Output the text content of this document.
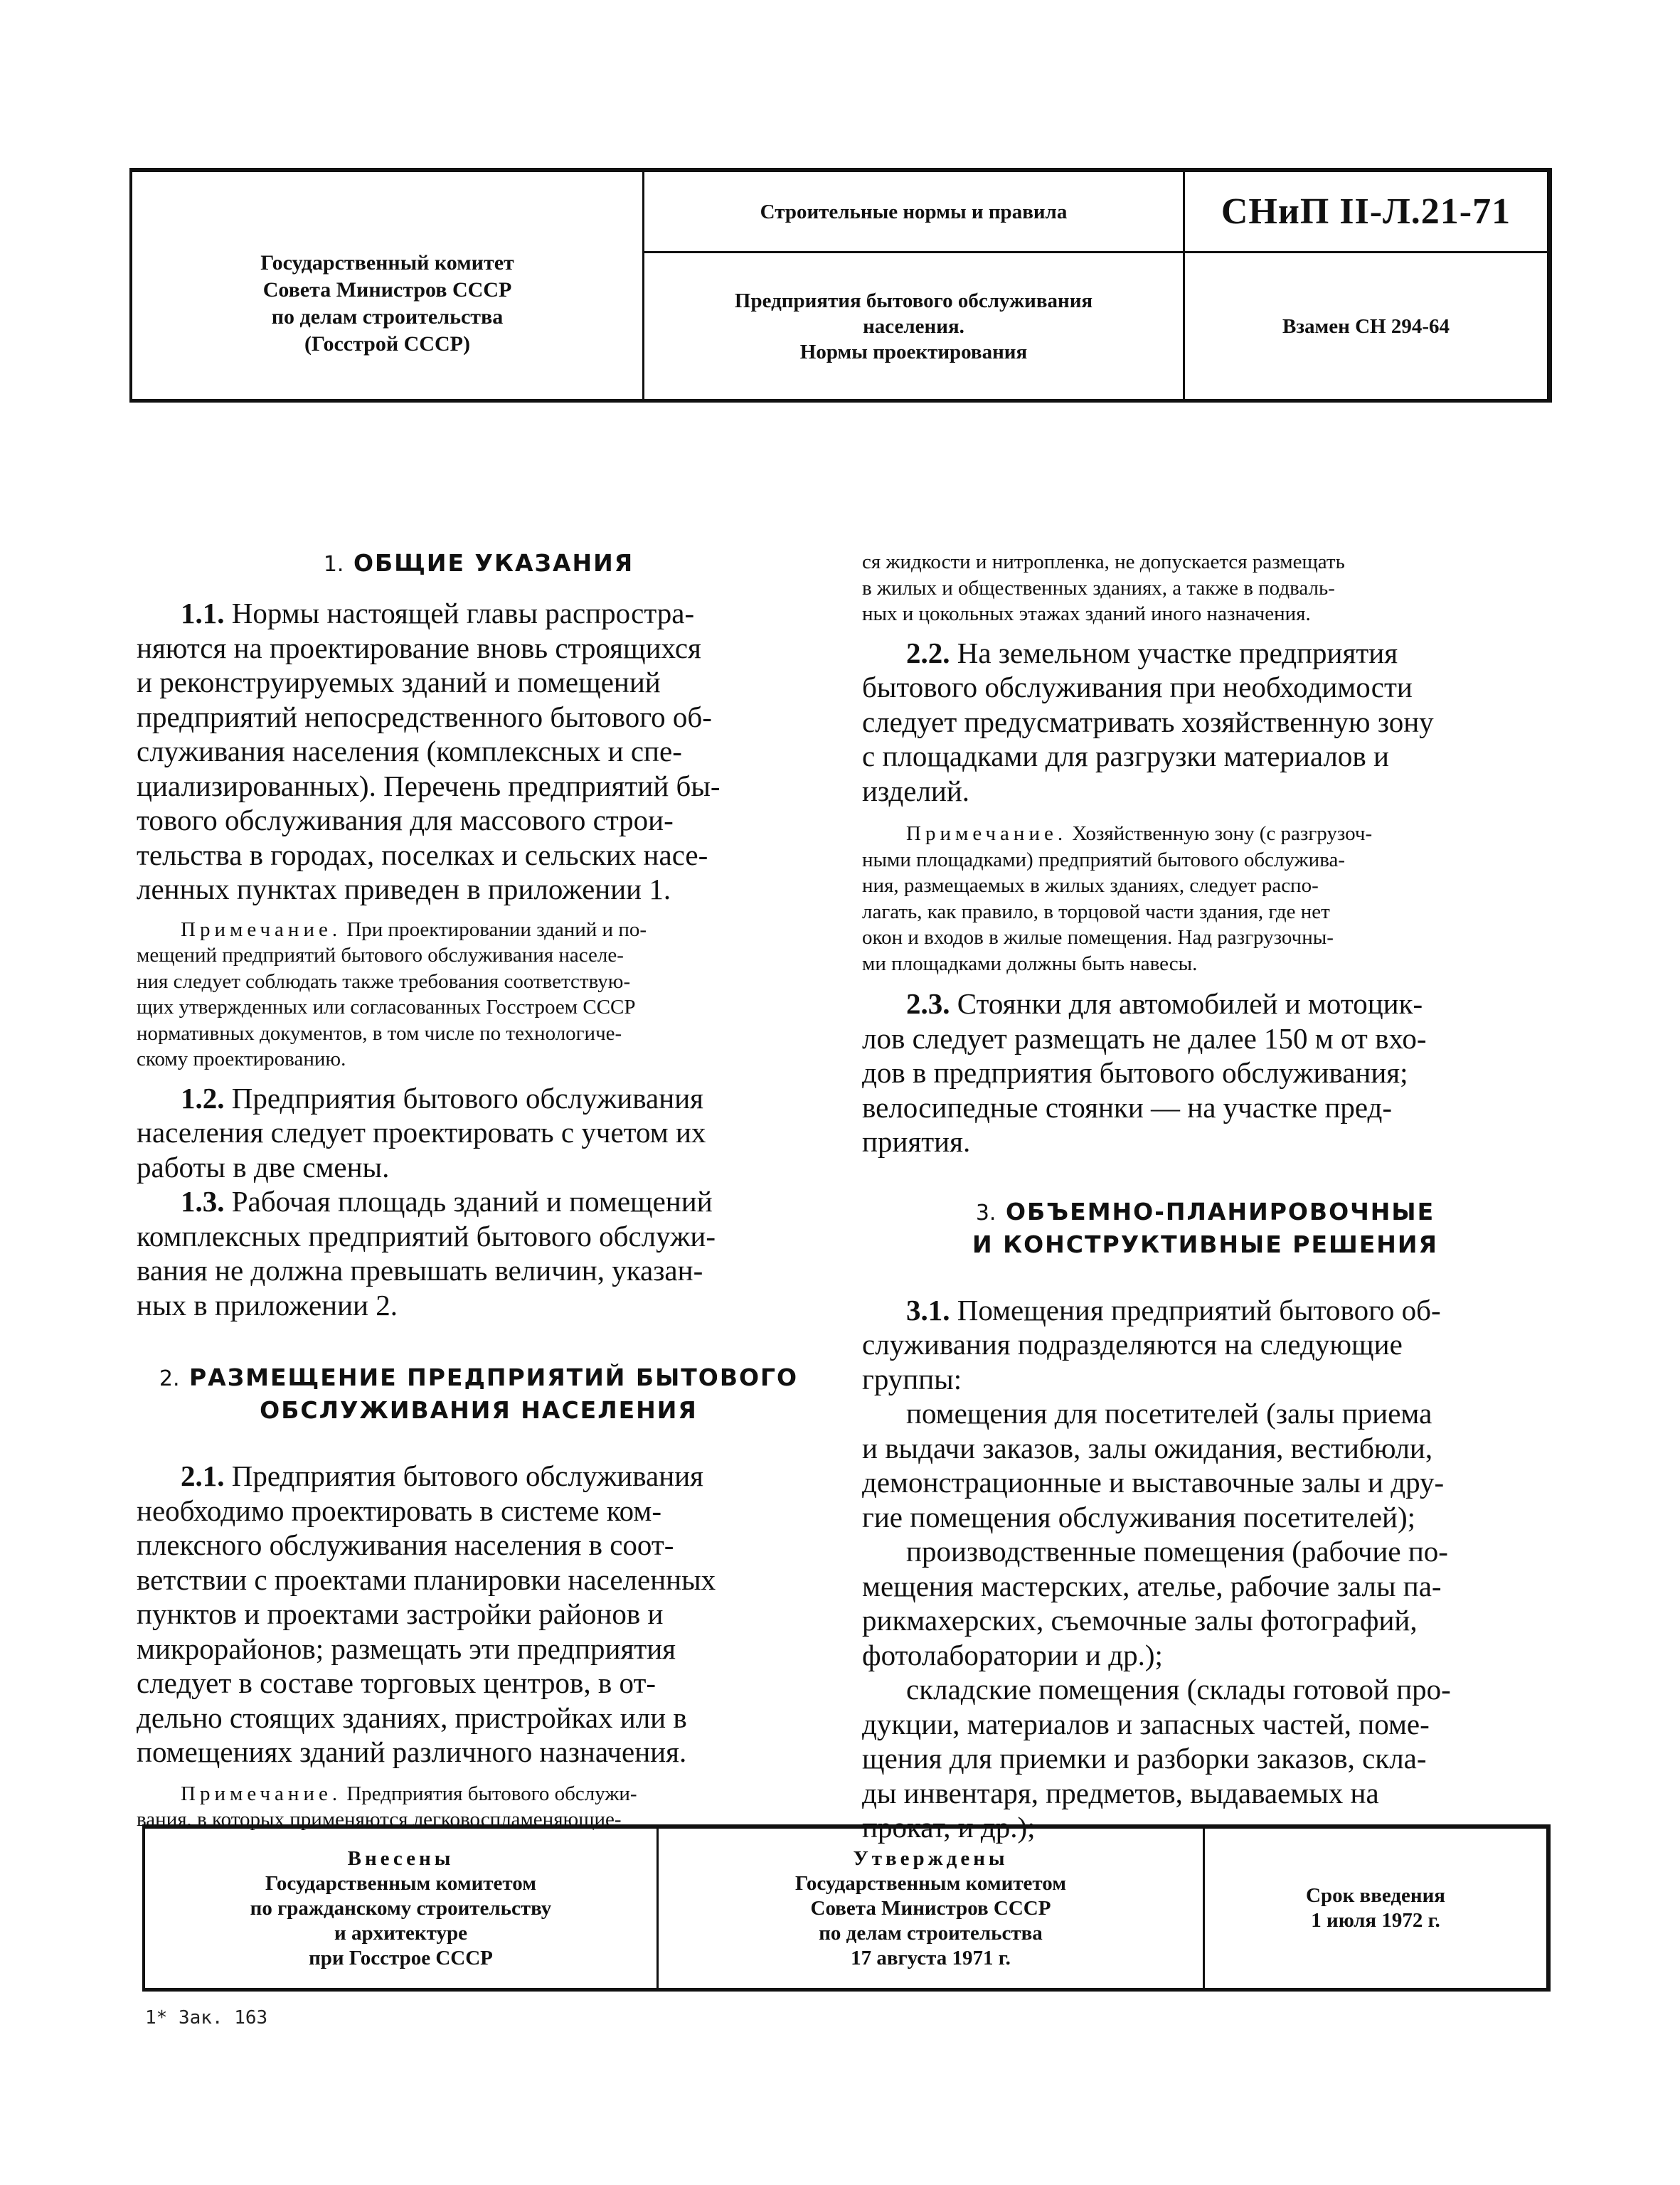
Государственный комитет
Совета Министров СССР
по делам строительства
(Госстрой СССР)
Строительные нормы и правила
Предприятия бытового обслуживания
населения.
Нормы проектирования
СНиП II-Л.21-71
Взамен СН 294-64
1. ОБЩИЕ УКАЗАНИЯ
1.1. Нормы настоящей главы распростра-
няются на проектирование вновь строящихся
и реконструируемых зданий и помещений
предприятий непосредственного бытового об-
служивания населения (комплексных и спе-
циализированных). Перечень предприятий бы-
тового обслуживания для массового строи-
тельства в городах, поселках и сельских насе-
ленных пунктах приведен в приложении 1.
Примечание. При проектировании зданий и по-
мещений предприятий бытового обслуживания населе-
ния следует соблюдать также требования соответствую-
щих утвержденных или согласованных Госстроем СССР
нормативных документов, в том числе по технологиче-
скому проектированию.
1.2. Предприятия бытового обслуживания
населения следует проектировать с учетом их
работы в две смены.
1.3. Рабочая площадь зданий и помещений
комплексных предприятий бытового обслужи-
вания не должна превышать величин, указан-
ных в приложении 2.
2. РАЗМЕЩЕНИЕ ПРЕДПРИЯТИЙ БЫТОВОГО
ОБСЛУЖИВАНИЯ НАСЕЛЕНИЯ
2.1. Предприятия бытового обслуживания
необходимо проектировать в системе ком-
плексного обслуживания населения в соот-
ветствии с проектами планировки населенных
пунктов и проектами застройки районов и
микрорайонов; размещать эти предприятия
следует в составе торговых центров, в от-
дельно стоящих зданиях, пристройках или в
помещениях зданий различного назначения.
Примечание. Предприятия бытового обслужи-
вания, в которых применяются легковоспламеняющие-
ся жидкости и нитропленка, не допускается размещать
в жилых и общественных зданиях, а также в подваль-
ных и цокольных этажах зданий иного назначения.
2.2. На земельном участке предприятия
бытового обслуживания при необходимости
следует предусматривать хозяйственную зону
с площадками для разгрузки материалов и
изделий.
Примечание. Хозяйственную зону (с разгрузоч-
ными площадками) предприятий бытового обслужива-
ния, размещаемых в жилых зданиях, следует распо-
лагать, как правило, в торцовой части здания, где нет
окон и входов в жилые помещения. Над разгрузочны-
ми площадками должны быть навесы.
2.3. Стоянки для автомобилей и мотоцик-
лов следует размещать не далее 150 м от вхо-
дов в предприятия бытового обслуживания;
велосипедные стоянки — на участке пред-
приятия.
3. ОБЪЕМНО-ПЛАНИРОВОЧНЫЕ
И КОНСТРУКТИВНЫЕ РЕШЕНИЯ
3.1. Помещения предприятий бытового об-
служивания подразделяются на следующие
группы:
помещения для посетителей (залы приема
и выдачи заказов, залы ожидания, вестибюли,
демонстрационные и выставочные залы и дру-
гие помещения обслуживания посетителей);
производственные помещения (рабочие по-
мещения мастерских, ателье, рабочие залы па-
рикмахерских, съемочные залы фотографий,
фотолаборатории и др.);
складские помещения (склады готовой про-
дукции, материалов и запасных частей, поме-
щения для приемки и разборки заказов, скла-
ды инвентаря, предметов, выдаваемых на
прокат, и др.);
Внесены
Государственным комитетом
по гражданскому строительству
и архитектуре
при Госстрое СССР
Утверждены
Государственным комитетом
Совета Министров СССР
по делам строительства
17 августа 1971 г.
Срок введения
1 июля 1972 г.
1* Зак. 163
